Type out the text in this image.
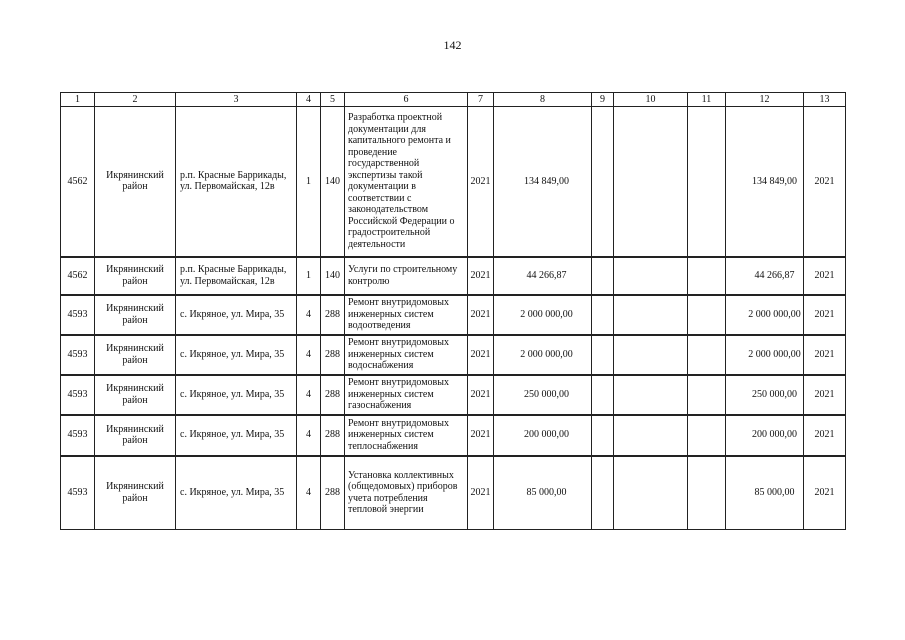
142
1	2	3	4	5	6	7	8	9	10	11	12	13
4562	Икрянинский район	р.п. Красные Баррикады, ул. Первомайская, 12в	1	140	Разработка проектной документации для капитального ремонта и проведение государственной экспертизы такой документации в соответствии с законодательством Российской Федерации о градостроительной деятельности	2021	134 849,00				134 849,00	2021
4562	Икрянинский район	р.п. Красные Баррикады, ул. Первомайская, 12в	1	140	Услуги по строительному контролю	2021	44 266,87				44 266,87	2021
4593	Икрянинский район	с. Икряное, ул. Мира, 35	4	288	Ремонт внутридомовых инженерных систем водоотведения	2021	2 000 000,00				2 000 000,00	2021
4593	Икрянинский район	с. Икряное, ул. Мира, 35	4	288	Ремонт внутридомовых инженерных систем водоснабжения	2021	2 000 000,00				2 000 000,00	2021
4593	Икрянинский район	с. Икряное, ул. Мира, 35	4	288	Ремонт внутридомовых инженерных систем газоснабжения	2021	250 000,00				250 000,00	2021
4593	Икрянинский район	с. Икряное, ул. Мира, 35	4	288	Ремонт внутридомовых инженерных систем теплоснабжения	2021	200 000,00				200 000,00	2021
4593	Икрянинский район	с. Икряное, ул. Мира, 35	4	288	Установка коллективных (общедомовых) приборов учета потребления тепловой энергии	2021	85 000,00				85 000,00	2021
